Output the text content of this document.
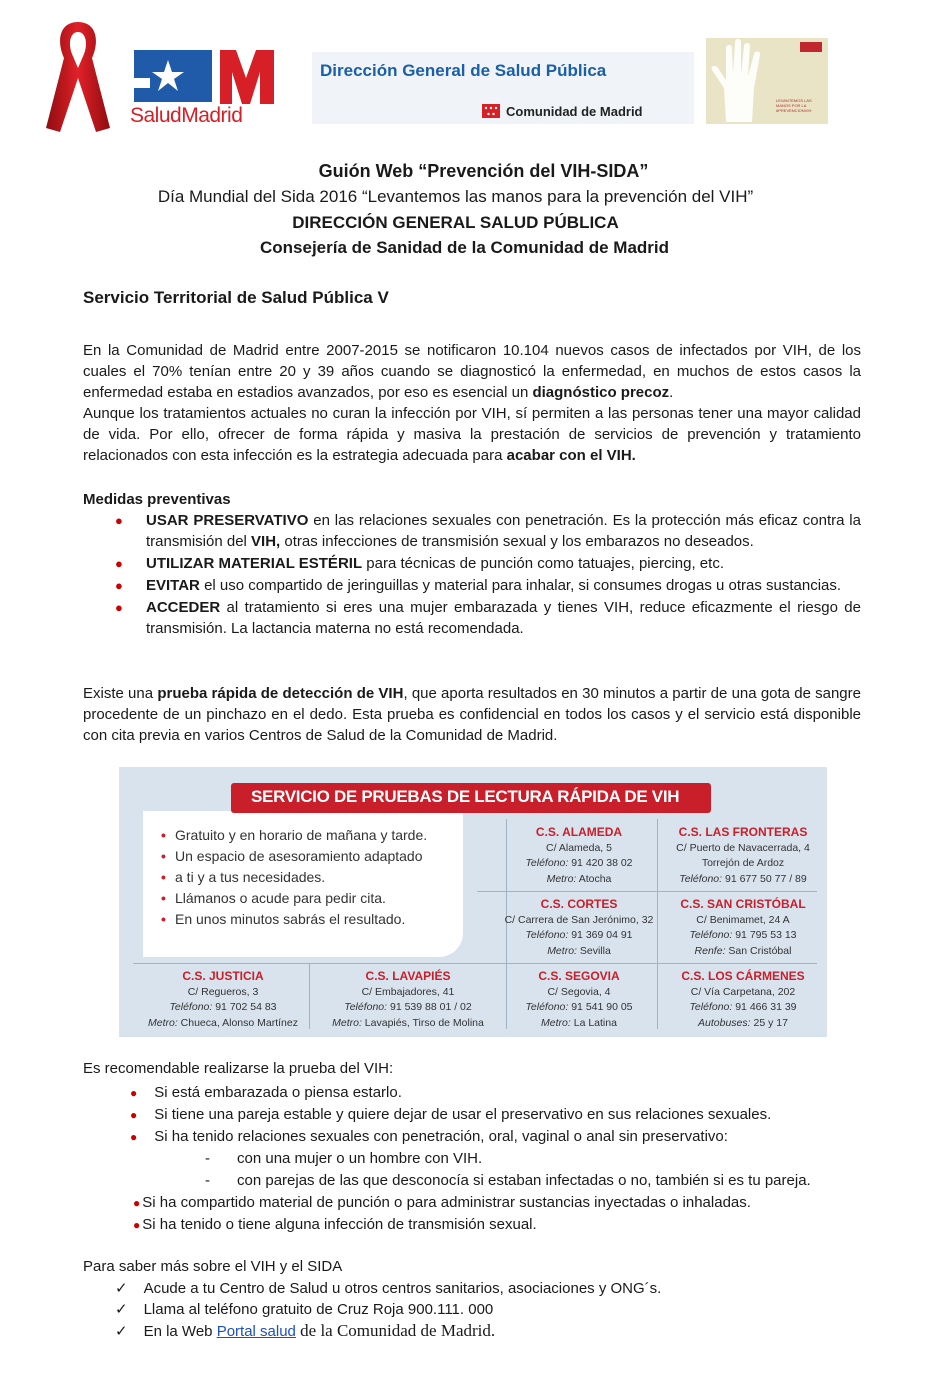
SaludMadrid
Dirección General de Salud Pública
Comunidad de Madrid
LEVANTEMOS LAS MANOS POR LA #PREVENCIONVIH
Guión Web “Prevención del VIH-SIDA”
Día Mundial del Sida 2016 “Levantemos las manos para la prevención del VIH”
DIRECCIÓN GENERAL SALUD PÚBLICA
Consejería de Sanidad de la Comunidad de Madrid
Servicio Territorial de Salud Pública V
En la Comunidad de Madrid entre 2007-2015 se notificaron 10.104 nuevos casos de infectados por VIH, de los cuales el 70% tenían entre 20 y 39 años cuando se diagnosticó la enfermedad, en muchos de estos casos la enfermedad estaba en estadios avanzados, por eso es esencial un diagnóstico precoz.
Aunque los tratamientos actuales no curan la infección por VIH, sí permiten a las personas tener una mayor calidad de vida. Por ello, ofrecer de forma rápida y masiva la prestación de servicios de prevención y tratamiento relacionados con esta infección es la estrategia adecuada para acabar con el VIH.
Medidas preventivas
● USAR PRESERVATIVO en las relaciones sexuales con penetración. Es la protección más eficaz contra la transmisión del VIH, otras infecciones de transmisión sexual y los embarazos no deseados.
● UTILIZAR MATERIAL ESTÉRIL para técnicas de punción como tatuajes, piercing, etc.
● EVITAR el uso compartido de jeringuillas y material para inhalar, si consumes drogas u otras sustancias.
● ACCEDER al tratamiento si eres una mujer embarazada y tienes VIH, reduce eficazmente el riesgo de transmisión. La lactancia materna no está recomendada.
Existe una prueba rápida de detección de VIH, que aporta resultados en 30 minutos a partir de una gota de sangre procedente de un pinchazo en el dedo. Esta prueba es confidencial en todos los casos y el servicio está disponible con cita previa en varios Centros de Salud de la Comunidad de Madrid.
• Gratuito y en horario de mañana y tarde.
• Un espacio de asesoramiento adaptado
• a ti y a tus necesidades.
• Llámanos o acude para pedir cita.
• En unos minutos sabrás el resultado.
SERVICIO DE PRUEBAS DE LECTURA RÁPIDA DE VIH
C.S. ALAMEDA
C/ Alameda, 5
Teléfono: 91 420 38 02
Metro: Atocha
C.S. LAS FRONTERAS
C/ Puerto de Navacerrada, 4
Torrejón de Ardoz
Teléfono: 91 677 50 77 / 89
C.S. CORTES
C/ Carrera de San Jerónimo, 32
Teléfono: 91 369 04 91
Metro: Sevilla
C.S. SAN CRISTÓBAL
C/ Benimamet, 24 A
Teléfono: 91 795 53 13
Renfe: San Cristóbal
C.S. JUSTICIA
C/ Regueros, 3
Teléfono: 91 702 54 83
Metro: Chueca, Alonso Martínez
C.S. LAVAPIÉS
C/ Embajadores, 41
Teléfono: 91 539 88 01 / 02
Metro: Lavapiés, Tirso de Molina
C.S. SEGOVIA
C/ Segovia, 4
Teléfono: 91 541 90 05
Metro: La Latina
C.S. LOS CÁRMENES
C/ Vía Carpetana, 202
Teléfono: 91 466 31 39
Autobuses: 25 y 17
Es recomendable realizarse la prueba del VIH:
● Si está embarazada o piensa estarlo.
● Si tiene una pareja estable y quiere dejar de usar el preservativo en sus relaciones sexuales.
● Si ha tenido relaciones sexuales con penetración, oral, vaginal o anal sin preservativo:
- con una mujer o un hombre con VIH.
- con parejas de las que desconocía si estaban infectadas o no, también si es tu pareja.
● Si ha compartido material de punción o para administrar sustancias inyectadas o inhaladas.
● Si ha tenido o tiene alguna infección de transmisión sexual.
Para saber más sobre el VIH y el SIDA
✓ Acude a tu Centro de Salud u otros centros sanitarios, asociaciones y ONG´s.
✓ Llama al teléfono gratuito de Cruz Roja 900.111. 000
✓ En la Web Portal salud de la Comunidad de Madrid.
